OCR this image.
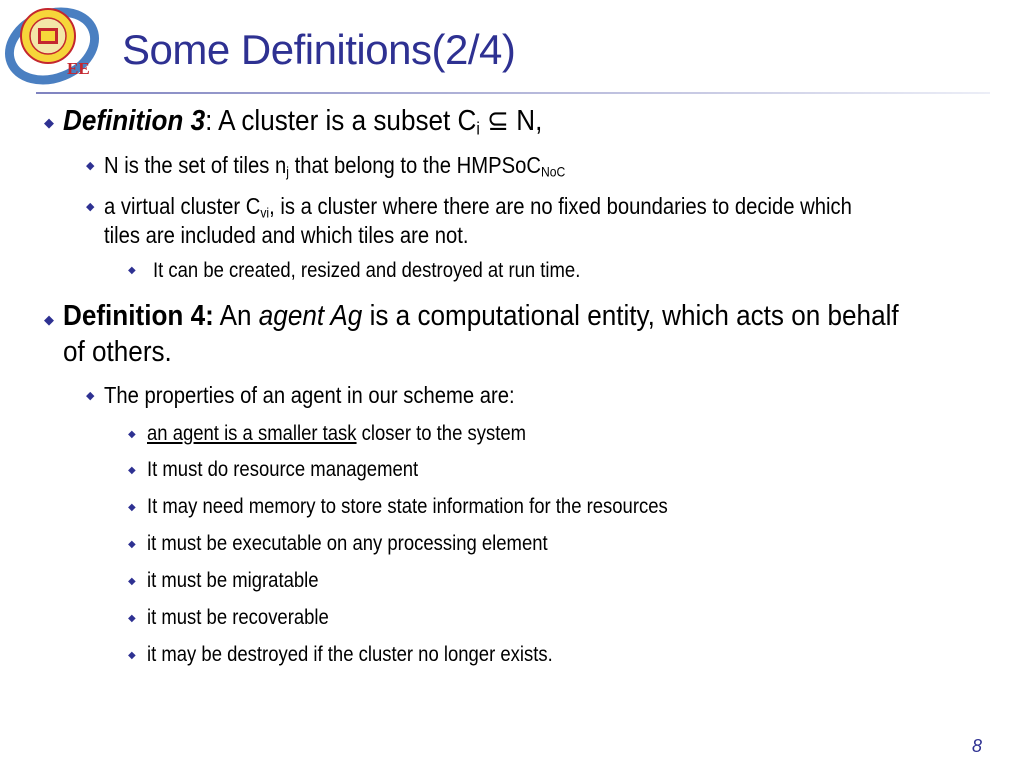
EE Some Definitions(2/4)
◆ Definition 3: A cluster is a subset $C_i$ ⊆ N,
◆ N is the set of tiles $n_j$ that belong to the HMPSoC$_{NoC}$
◆ a virtual cluster $C_{vi}$, is a cluster where there are no fixed boundaries to decide which
tiles are included and which tiles are not.
◆ It can be created, resized and destroyed at run time.
◆ Definition 4: An agent Ag is a computational entity, which acts on behalf
of others.
◆ The properties of an agent in our scheme are:
◆ an agent is a smaller task closer to the system
◆ It must do resource management
◆ It may need memory to store state information for the resources
◆ it must be executable on any processing element
◆ it must be migratable
◆ it must be recoverable
◆ it may be destroyed if the cluster no longer exists.
8
